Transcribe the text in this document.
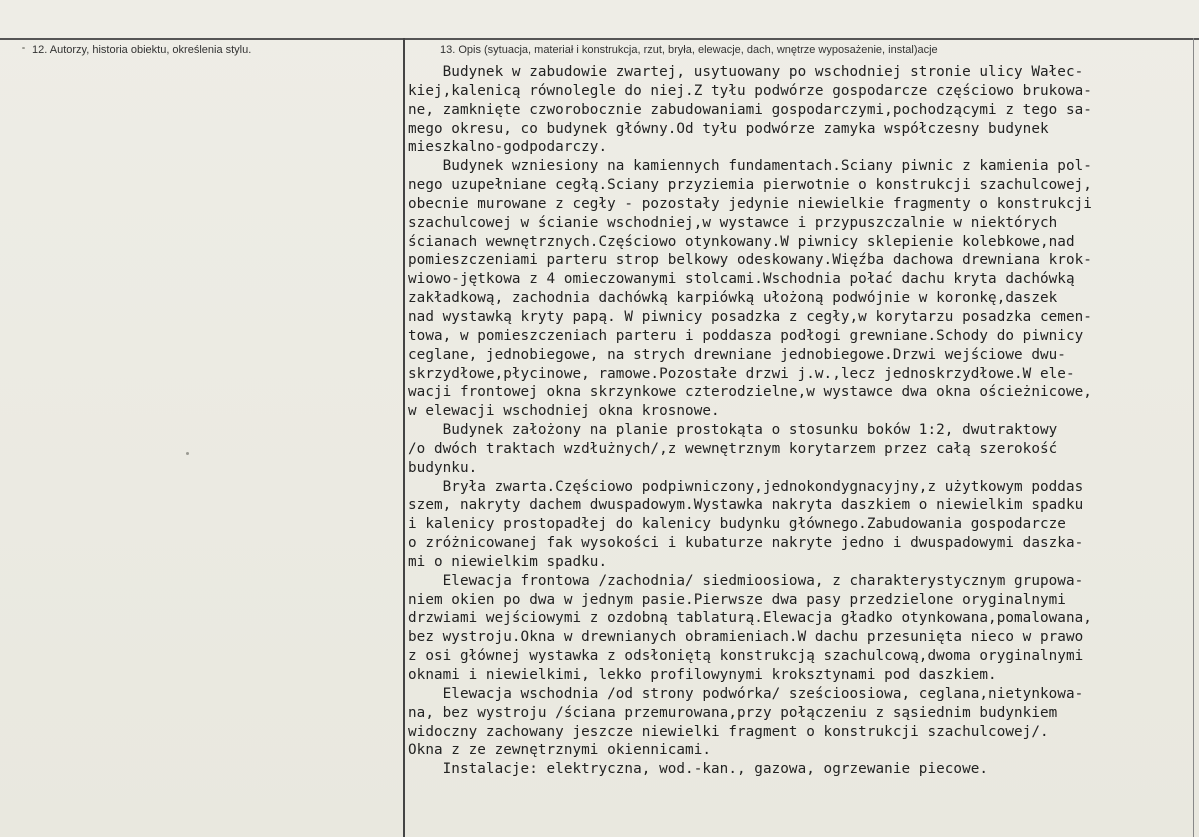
12. Autorzy, historia obiektu, określenia stylu.	13. Opis (sytuacja, materiał i konstrukcja, rzut, bryła, elewacje, dach, wnętrze wyposażenie, instal)acje
Budynek w zabudowie zwartej, usytuowany po wschodniej stronie ulicy Wałec-
kiej,kalenicą równolegle do niej.Z tyłu podwórze gospodarcze częściowo brukowa-
ne, zamknięte czworobocznie zabudowaniami gospodarczymi,pochodzącymi z tego sa-
mego okresu, co budynek główny.Od tyłu podwórze zamyka współczesny budynek
mieszkalno-godpodarczy.
Budynek wzniesiony na kamiennych fundamentach.Sciany piwnic z kamienia pol-
nego uzupełniane cegłą.Sciany przyziemia pierwotnie o konstrukcji szachulcowej,
obecnie murowane z cegły - pozostały jedynie niewielkie fragmenty o konstrukcji
szachulcowej w ścianie wschodniej,w wystawce i przypuszczalnie w niektórych
ścianach wewnętrznych.Częściowo otynkowany.W piwnicy sklepienie kolebkowe,nad
pomieszczeniami parteru strop belkowy odeskowany.Więźba dachowa drewniana krok-
wiowo-jętkowa z 4 omieczowanymi stolcami.Wschodnia połać dachu kryta dachówką
zakładkową, zachodnia dachówką karpiówką ułożoną podwójnie w koronkę,daszek
nad wystawką kryty papą. W piwnicy posadzka z cegły,w korytarzu posadzka cemen-
towa, w pomieszczeniach parteru i poddasza podłogi grewniane.Schody do piwnicy
ceglane, jednobiegowe, na strych drewniane jednobiegowe.Drzwi wejściowe dwu-
skrzydłowe,płycinowe, ramowe.Pozostałe drzwi j.w.,lecz jednoskrzydłowe.W ele-
wacji frontowej okna skrzynkowe czterodzielne,w wystawce dwa okna ościeżnicowe,
w elewacji wschodniej okna krosnowe.
Budynek założony na planie prostokąta o stosunku boków 1:2, dwutraktowy
/o dwóch traktach wzdłużnych/,z wewnętrznym korytarzem przez całą szerokość
budynku.
Bryła zwarta.Częściowo podpiwniczony,jednokondygnacyjny,z użytkowym poddas
szem, nakryty dachem dwuspadowym.Wystawka nakryta daszkiem o niewielkim spadku
i kalenicy prostopadłej do kalenicy budynku głównego.Zabudowania gospodarcze
o zróżnicowanej fak wysokości i kubaturze nakryte jedno i dwuspadowymi daszka-
mi o niewielkim spadku.
Elewacja frontowa /zachodnia/ siedmioosiowa, z charakterystycznym grupowa-
niem okien po dwa w jednym pasie.Pierwsze dwa pasy przedzielone oryginalnymi
drzwiami wejściowymi z ozdobną tablaturą.Elewacja gładko otynkowana,pomalowana,
bez wystroju.Okna w drewnianych obramieniach.W dachu przesunięta nieco w prawo
z osi głównej wystawka z odsłoniętą konstrukcją szachulcową,dwoma oryginalnymi
oknami i niewielkimi, lekko profilowynymi kroksztynami pod daszkiem.
Elewacja wschodnia /od strony podwórka/ sześcioosiowa, ceglana,nietynkowa-
na, bez wystroju /ściana przemurowana,przy połączeniu z sąsiednim budynkiem
widoczny zachowany jeszcze niewielki fragment o konstrukcji szachulcowej/.
Okna z ze zewnętrznymi okiennicami.
Instalacje: elektryczna, wod.-kan., gazowa, ogrzewanie piecowe.
